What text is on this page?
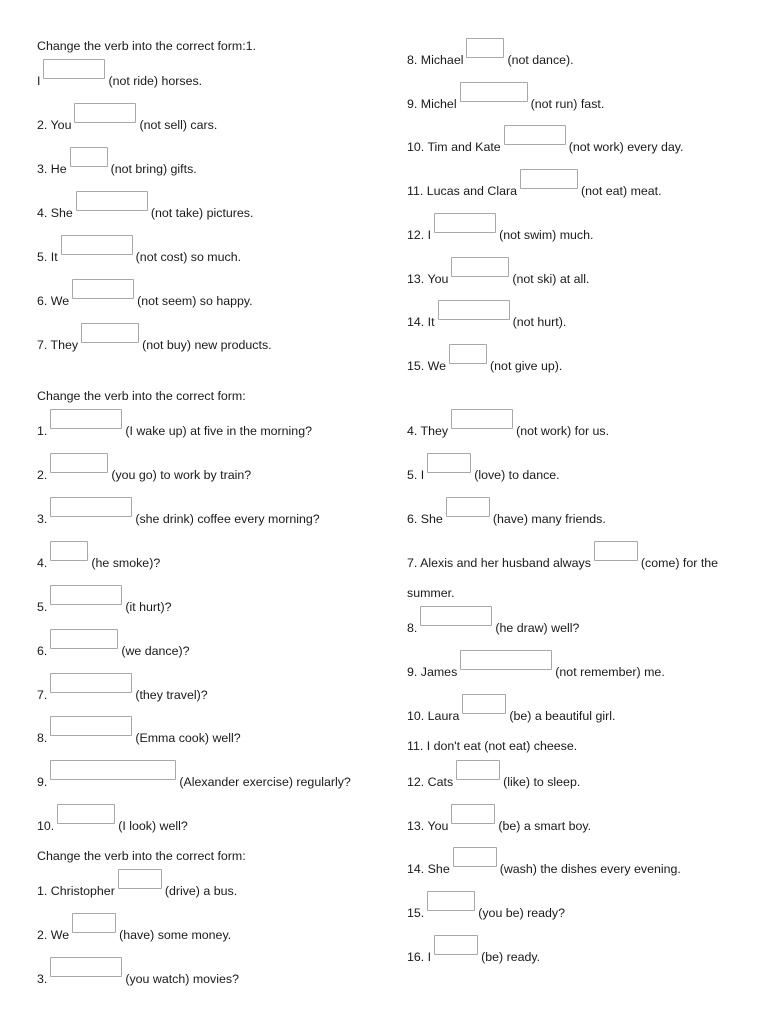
Change the verb into the correct form:1.
I	(not ride) horses.
2. You	(not sell) cars.
3. He	(not bring) gifts.
4. She	(not take) pictures.
5. It	(not cost) so much.
6. We	(not seem) so happy.
7. They	(not buy) new products.
8. Michael	(not dance).
9. Michel	(not run) fast.
10. Tim and Kate	(not work) every day.
11. Lucas and Clara	(not eat) meat.
12. I	(not swim) much.
13. You	(not ski) at all.
14. It	(not hurt).
15. We	(not give up).
Change the verb into the correct form:
1.	(I wake up) at five in the morning?
2.	(you go) to work by train?
3.	(she drink) coffee every morning?
4.	(he smoke)?
5.	(it hurt)?
6.	(we dance)?
7.	(they travel)?
8.	(Emma cook) well?
9.	(Alexander exercise) regularly?
10.	(I look) well?
4. They	(not work) for us.
5. I	(love) to dance.
6. She	(have) many friends.
7. Alexis and her husband always	(come) for the
summer.
8.	(he draw) well?
9. James	(not remember) me.
10. Laura	(be) a beautiful girl.
11. I don't eat (not eat) cheese.
12. Cats	(like) to sleep.
13. You	(be) a smart boy.
14. She	(wash) the dishes every evening.
15.	(you be) ready?
16. I	(be) ready.
Change the verb into the correct form:
1. Christopher	(drive) a bus.
2. We	(have) some money.
3.	(you watch) movies?
